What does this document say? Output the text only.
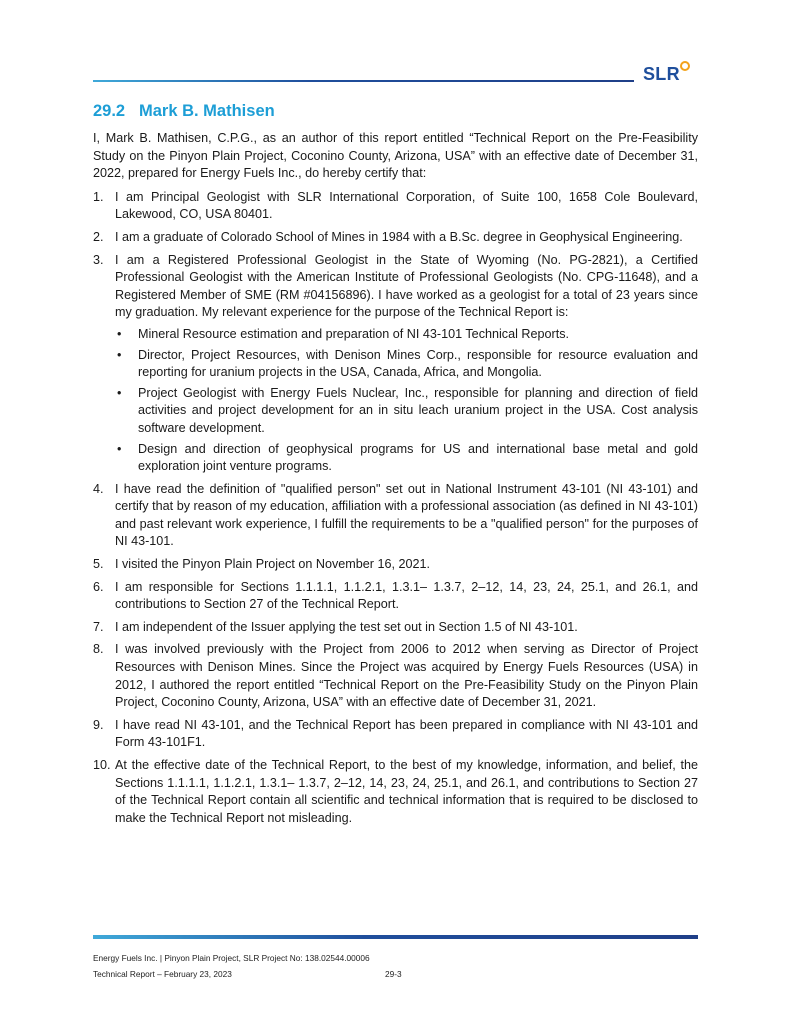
SLR
29.2 Mark B. Mathisen

I, Mark B. Mathisen, C.P.G., as an author of this report entitled “Technical Report on the Pre-Feasibility Study on the Pinyon Plain Project, Coconino County, Arizona, USA” with an effective date of December 31, 2022, prepared for Energy Fuels Inc., do hereby certify that:

1. I am Principal Geologist with SLR International Corporation, of Suite 100, 1658 Cole Boulevard, Lakewood, CO, USA 80401.
2. I am a graduate of Colorado School of Mines in 1984 with a B.Sc. degree in Geophysical Engineering.
3. I am a Registered Professional Geologist in the State of Wyoming (No. PG-2821), a Certified Professional Geologist with the American Institute of Professional Geologists (No. CPG-11648), and a Registered Member of SME (RM #04156896). I have worked as a geologist for a total of 23 years since my graduation. My relevant experience for the purpose of the Technical Report is:
• Mineral Resource estimation and preparation of NI 43-101 Technical Reports.
• Director, Project Resources, with Denison Mines Corp., responsible for resource evaluation and reporting for uranium projects in the USA, Canada, Africa, and Mongolia.
• Project Geologist with Energy Fuels Nuclear, Inc., responsible for planning and direction of field activities and project development for an in situ leach uranium project in the USA. Cost analysis software development.
• Design and direction of geophysical programs for US and international base metal and gold exploration joint venture programs.
4. I have read the definition of "qualified person" set out in National Instrument 43-101 (NI 43-101) and certify that by reason of my education, affiliation with a professional association (as defined in NI 43-101) and past relevant work experience, I fulfill the requirements to be a "qualified person" for the purposes of NI 43-101.
5. I visited the Pinyon Plain Project on November 16, 2021.
6. I am responsible for Sections 1.1.1.1, 1.1.2.1, 1.3.1– 1.3.7, 2–12, 14, 23, 24, 25.1, and 26.1, and contributions to Section 27 of the Technical Report.
7. I am independent of the Issuer applying the test set out in Section 1.5 of NI 43-101.
8. I was involved previously with the Project from 2006 to 2012 when serving as Director of Project Resources with Denison Mines. Since the Project was acquired by Energy Fuels Resources (USA) in 2012, I authored the report entitled “Technical Report on the Pre-Feasibility Study on the Pinyon Plain Project, Coconino County, Arizona, USA” with an effective date of December 31, 2021.
9. I have read NI 43-101, and the Technical Report has been prepared in compliance with NI 43-101 and Form 43-101F1.
10. At the effective date of the Technical Report, to the best of my knowledge, information, and belief, the Sections 1.1.1.1, 1.1.2.1, 1.3.1– 1.3.7, 2–12, 14, 23, 24, 25.1, and 26.1, and contributions to Section 27 of the Technical Report contain all scientific and technical information that is required to be disclosed to make the Technical Report not misleading.
Energy Fuels Inc. | Pinyon Plain Project, SLR Project No: 138.02544.00006
Technical Report – February 23, 2023	29-3
